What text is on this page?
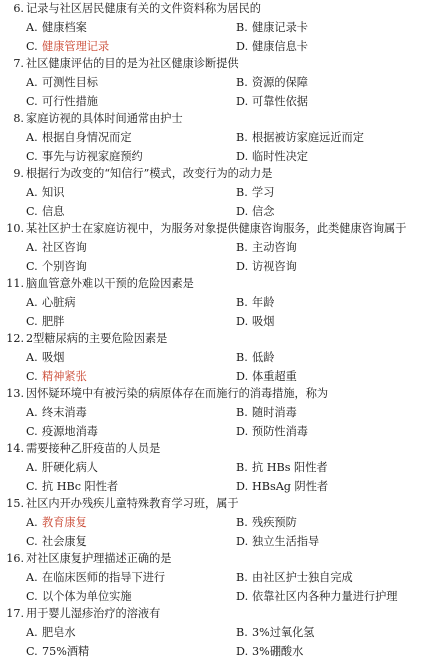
6. 记录与社区居民健康有关的文件资料称为居民的
A. 健康档案	B. 健康记录卡
C. 健康管理记录	D. 健康信息卡
7. 社区健康评估的目的是为社区健康诊断提供
A. 可测性目标	B. 资源的保障
C. 可行性措施	D. 可靠性依据
8. 家庭访视的具体时间通常由护士
A. 根据自身情况而定	B. 根据被访家庭远近而定
C. 事先与访视家庭预约	D. 临时性决定
9. 根据行为改变的“知信行”模式，改变行为的动力是
A. 知识	B. 学习
C. 信息	D. 信念
10. 某社区护士在家庭访视中，为服务对象提供健康咨询服务，此类健康咨询属于
A. 社区咨询	B. 主动咨询
C. 个别咨询	D. 访视咨询
11. 脑血管意外难以干预的危险因素是
A. 心脏病	B. 年龄
C. 肥胖	D. 吸烟
12. 2型糖尿病的主要危险因素是
A. 吸烟	B. 低龄
C. 精神紧张	D. 体重超重
13. 因怀疑环境中有被污染的病原体存在而施行的消毒措施，称为
A. 终末消毒	B. 随时消毒
C. 疫源地消毒	D. 预防性消毒
14. 需要接种乙肝疫苗的人员是
A. 肝硬化病人	B. 抗 HBs 阳性者
C. 抗 HBc 阳性者	D. HBsAg 阴性者
15. 社区内开办残疾儿童特殊教育学习班，属于
A. 教育康复	B. 残疾预防
C. 社会康复	D. 独立生活指导
16. 对社区康复护理描述正确的是
A. 在临床医师的指导下进行	B. 由社区护士独自完成
C. 以个体为单位实施	D. 依靠社区内各种力量进行护理
17. 用于婴儿湿疹治疗的溶液有
A. 肥皂水	B. 3%过氧化氢
C. 75%酒精	D. 3%硼酸水
